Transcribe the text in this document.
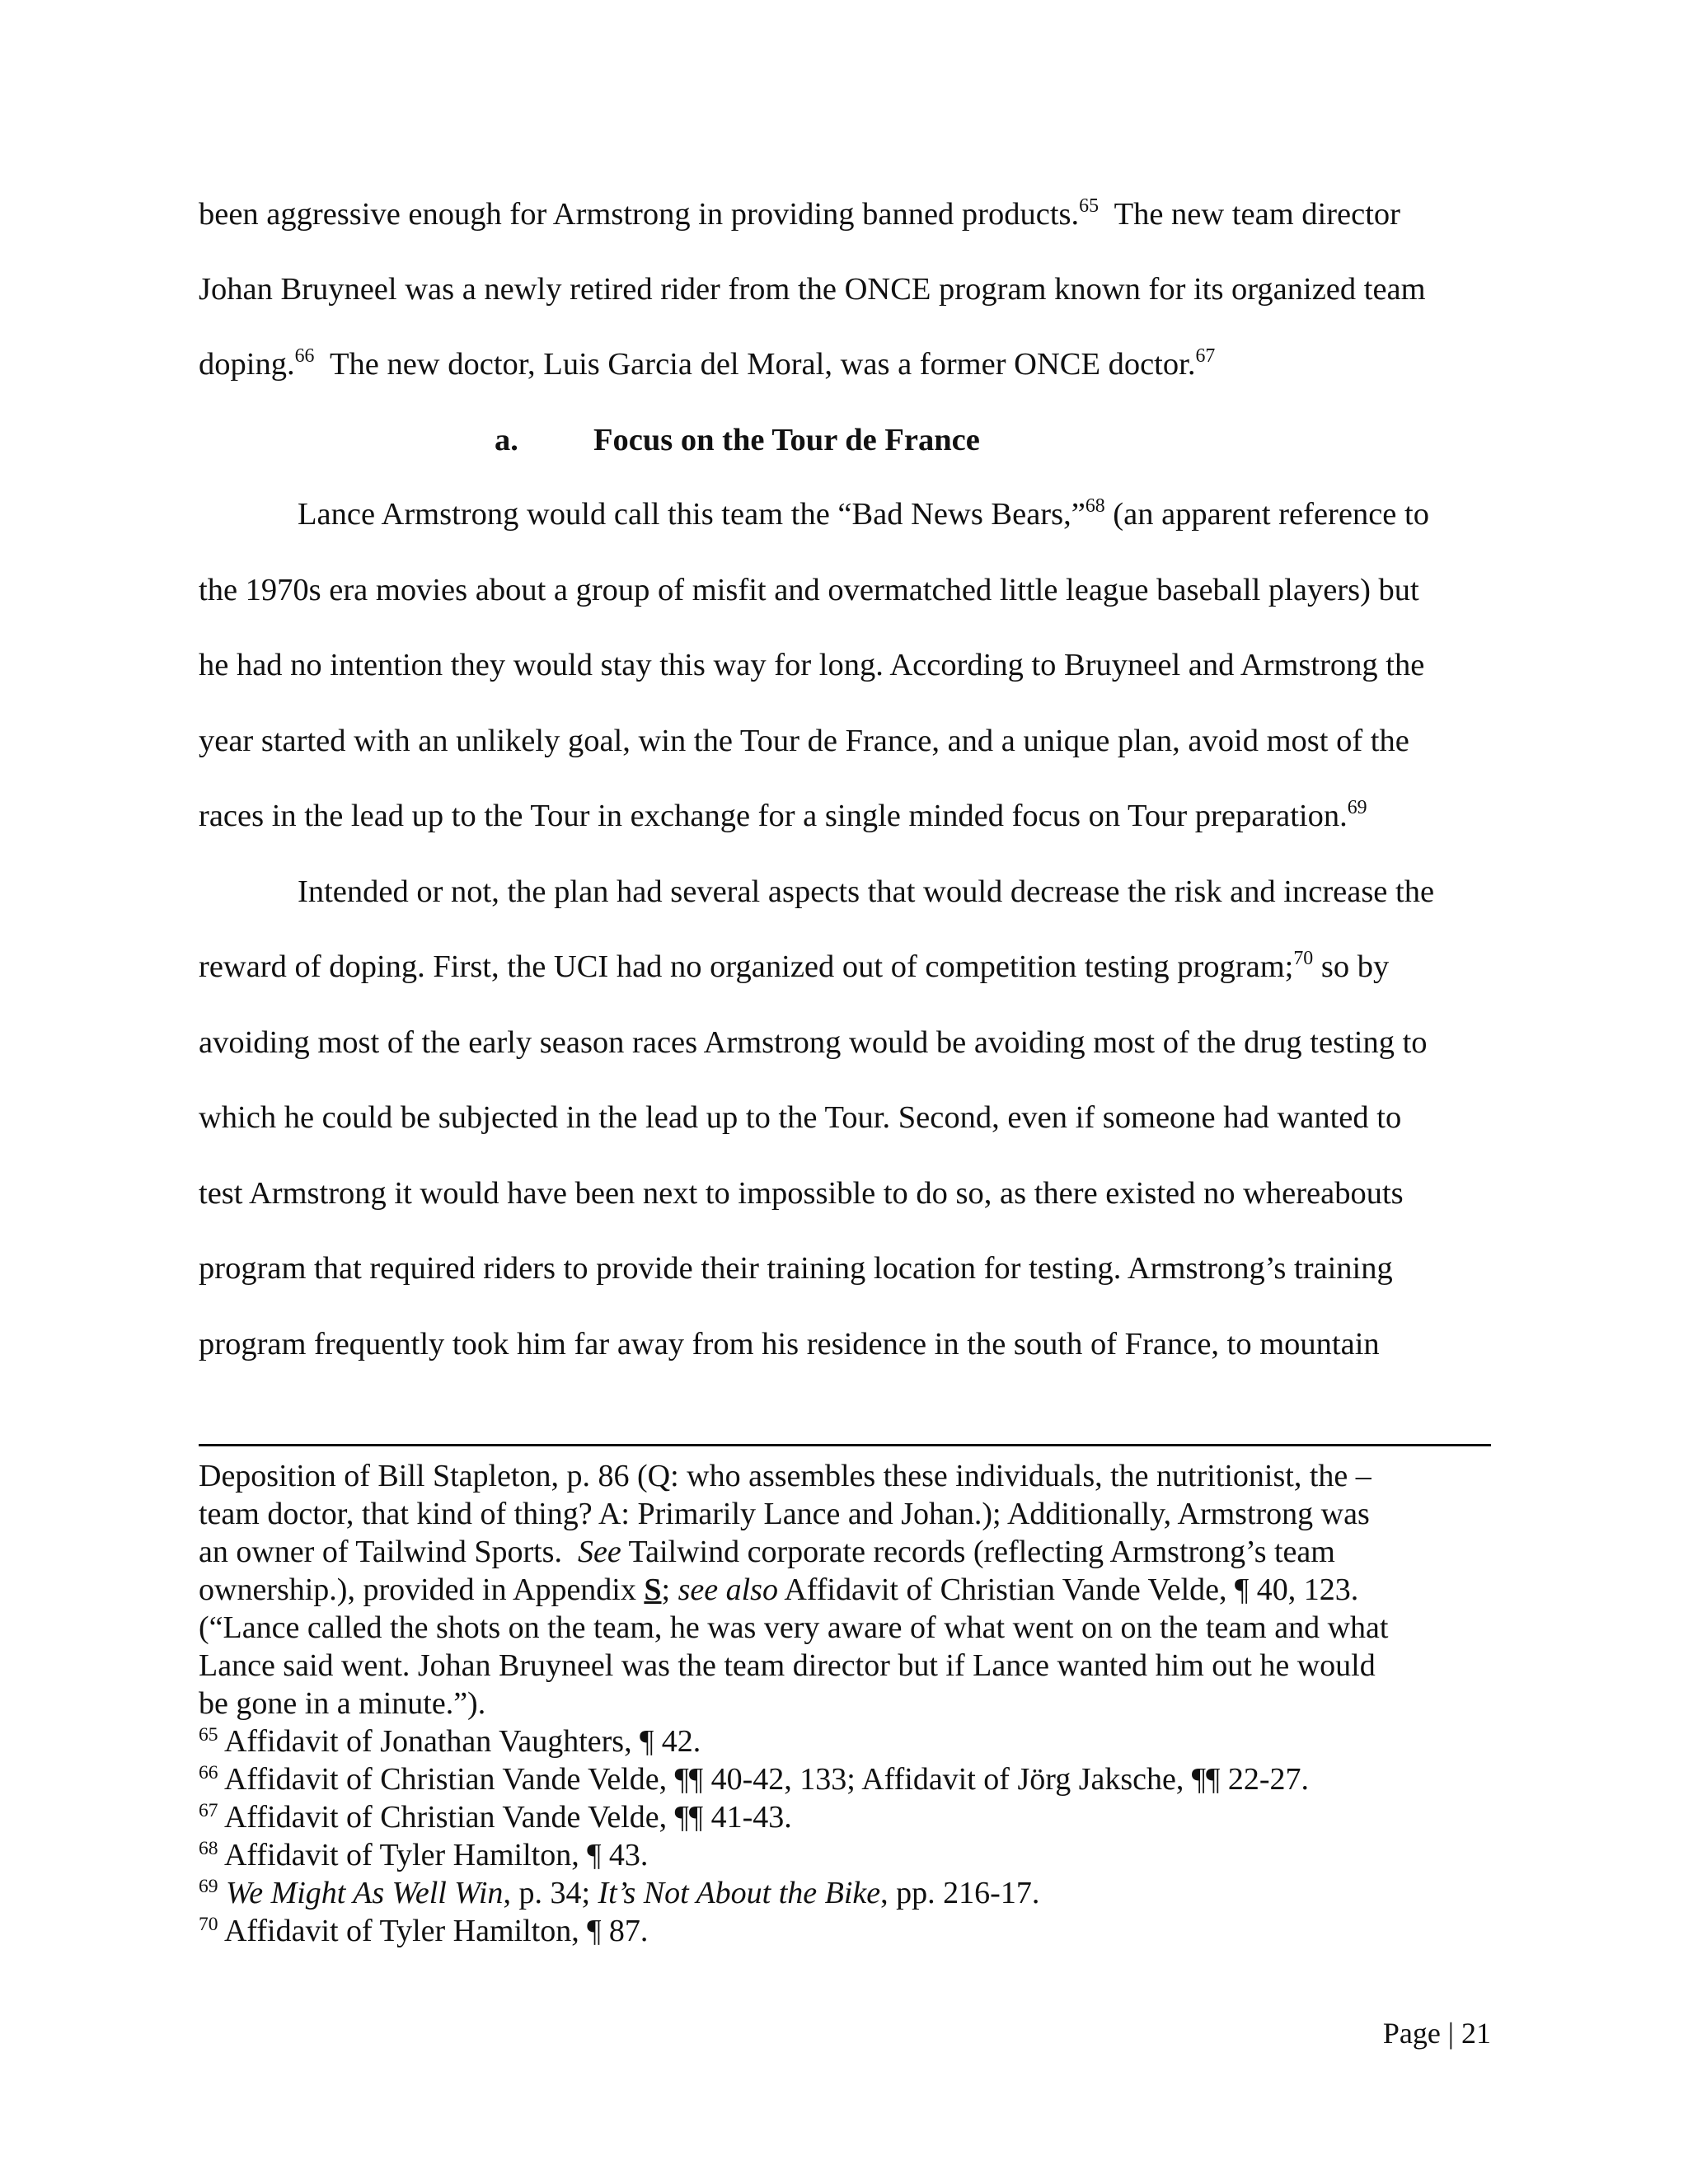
been aggressive enough for Armstrong in providing banned products.$^{65}$  The new team director
Johan Bruyneel was a newly retired rider from the ONCE program known for its organized team
doping.$^{66}$  The new doctor, Luis Garcia del Moral, was a former ONCE doctor.$^{67}$
Lance Armstrong would call this team the “Bad News Bears,”$^{68}$ (an apparent reference to
the 1970s era movies about a group of misfit and overmatched little league baseball players) but
he had no intention they would stay this way for long. According to Bruyneel and Armstrong the
year started with an unlikely goal, win the Tour de France, and a unique plan, avoid most of the
races in the lead up to the Tour in exchange for a single minded focus on Tour preparation.$^{69}$
Intended or not, the plan had several aspects that would decrease the risk and increase the
reward of doping. First, the UCI had no organized out of competition testing program;$^{70}$ so by
avoiding most of the early season races Armstrong would be avoiding most of the drug testing to
which he could be subjected in the lead up to the Tour. Second, even if someone had wanted to
test Armstrong it would have been next to impossible to do so, as there existed no whereabouts
program that required riders to provide their training location for testing. Armstrong’s training
program frequently took him far away from his residence in the south of France, to mountain
a. Focus on the Tour de France
Deposition of Bill Stapleton, p. 86 (Q: who assembles these individuals, the nutritionist, the –
team doctor, that kind of thing? A: Primarily Lance and Johan.); Additionally, Armstrong was
an owner of Tailwind Sports.  See Tailwind corporate records (reflecting Armstrong’s team
ownership.), provided in Appendix S; see also Affidavit of Christian Vande Velde, ¶ 40, 123.
(“Lance called the shots on the team, he was very aware of what went on on the team and what
Lance said went. Johan Bruyneel was the team director but if Lance wanted him out he would
be gone in a minute.”).
$^{65}$ Affidavit of Jonathan Vaughters, ¶ 42.
$^{66}$ Affidavit of Christian Vande Velde, ¶¶ 40-42, 133; Affidavit of Jörg Jaksche, ¶¶ 22-27.
$^{67}$ Affidavit of Christian Vande Velde, ¶¶ 41-43.
$^{68}$ Affidavit of Tyler Hamilton, ¶ 43.
$^{69}$ We Might As Well Win, p. 34; It’s Not About the Bike, pp. 216-17.
$^{70}$ Affidavit of Tyler Hamilton, ¶ 87.
Page | 21
